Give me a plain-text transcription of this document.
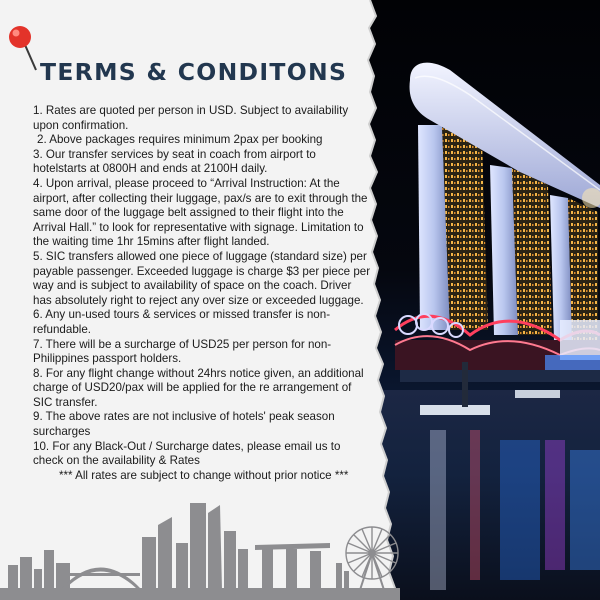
TERMS & CONDITONS

1. Rates are quoted per person in USD. Subject to availability upon confirmation.

2. Above packages requires minimum 2pax per booking

3. Our transfer services by seat in coach from airport to hotelstarts at 0800H and ends at 2100H daily.

4. Upon arrival, please proceed to “Arrival Instruction: At the airport, after collecting their luggage, pax/s are to exit through the same door of the luggage belt assigned to their flight into the Arrival Hall.” to look for representative with signage. Limitation to the waiting time 1hr 15mins after flight landed.

5. SIC transfers allowed one piece of luggage (standard size) per payable passenger. Exceeded luggage is charge $3 per piece per way and is subject to availability of space on the coach. Driver has absolutely right to reject any over size or exceeded luggage.

6. Any un-used tours & services or missed transfer is non-refundable.

7. There will be a surcharge of USD25 per person for non-Philippines passport holders.

8. For any flight change without 24hrs notice given, an additional charge of USD20/pax will be applied for the re arrangement of SIC transfer.

9. The above rates are not inclusive of hotels' peak season surcharges

10. For any Black-Out / Surcharge dates, please email us to check on the availability & Rates

*** All rates are subject to change without prior notice ***
